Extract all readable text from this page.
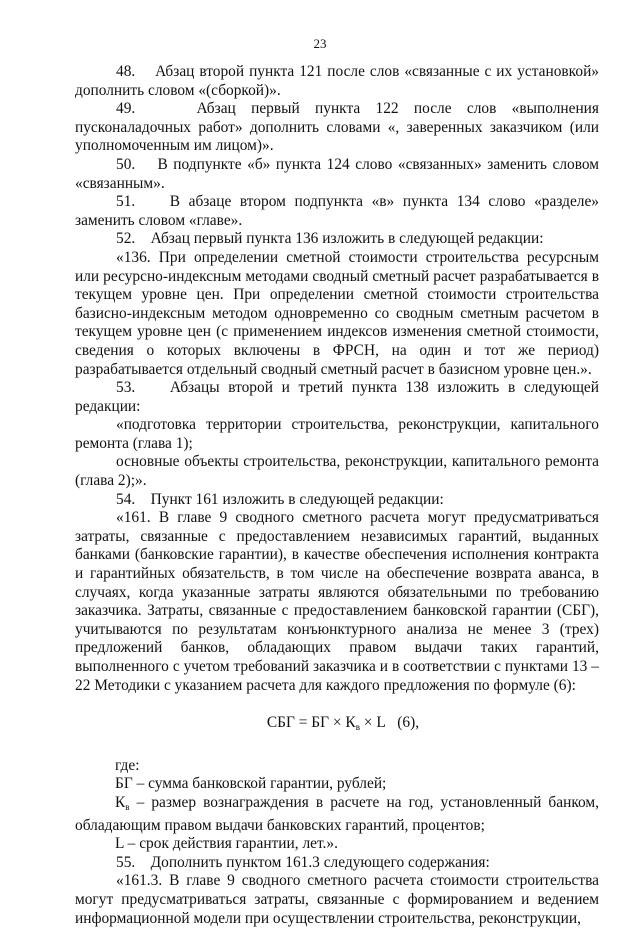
23

48.    Абзац второй пункта 121 после слов «связанные с их установкой» дополнить словом «(сборкой)».

49.    Абзац первый пункта 122 после слов «выполнения пусконаладочных работ» дополнить словами «, заверенных заказчиком (или уполномоченным им лицом)».

50.    В подпункте «б» пункта 124 слово «связанных» заменить словом «связанным».

51.    В абзаце втором подпункта «в» пункта 134 слово «разделе» заменить словом «главе».

52.    Абзац первый пункта 136 изложить в следующей редакции:

«136. При определении сметной стоимости строительства ресурсным или ресурсно-индексным методами сводный сметный расчет разрабатывается в текущем уровне цен. При определении сметной стоимости строительства базисно-индексным методом одновременно со сводным сметным расчетом в текущем уровне цен (с применением индексов изменения сметной стоимости, сведения о которых включены в ФРСН, на один и тот же период) разрабатывается отдельный сводный сметный расчет в базисном уровне цен.».

53.    Абзацы второй и третий пункта 138 изложить в следующей редакции:

«подготовка территории строительства, реконструкции, капитального ремонта (глава 1);

основные объекты строительства, реконструкции, капитального ремонта (глава 2);».

54.    Пункт 161 изложить в следующей редакции:

«161. В главе 9 сводного сметного расчета могут предусматриваться затраты, связанные с предоставлением независимых гарантий, выданных банками (банковские гарантии), в качестве обеспечения исполнения контракта и гарантийных обязательств, в том числе на обеспечение возврата аванса, в случаях, когда указанные затраты являются обязательными по требованию заказчика. Затраты, связанные с предоставлением банковской гарантии (СБГ), учитываются по результатам конъюнктурного анализа не менее 3 (трех) предложений банков, обладающих правом выдачи таких гарантий, выполненного с учетом требований заказчика и в соответствии с пунктами 13 – 22 Методики с указанием расчета для каждого предложения по формуле (6):

СБГ = БГ × $К_в \times L$   (6),

где:

БГ – сумма банковской гарантии, рублей;

$К_в$ – размер вознаграждения в расчете на год, установленный банком, обладающим правом выдачи банковских гарантий, процентов;

L – срок действия гарантии, лет.».

55.    Дополнить пунктом 161.3 следующего содержания:

«161.3. В главе 9 сводного сметного расчета стоимости строительства могут предусматриваться затраты, связанные с формированием и ведением информационной модели при осуществлении строительства, реконструкции,
